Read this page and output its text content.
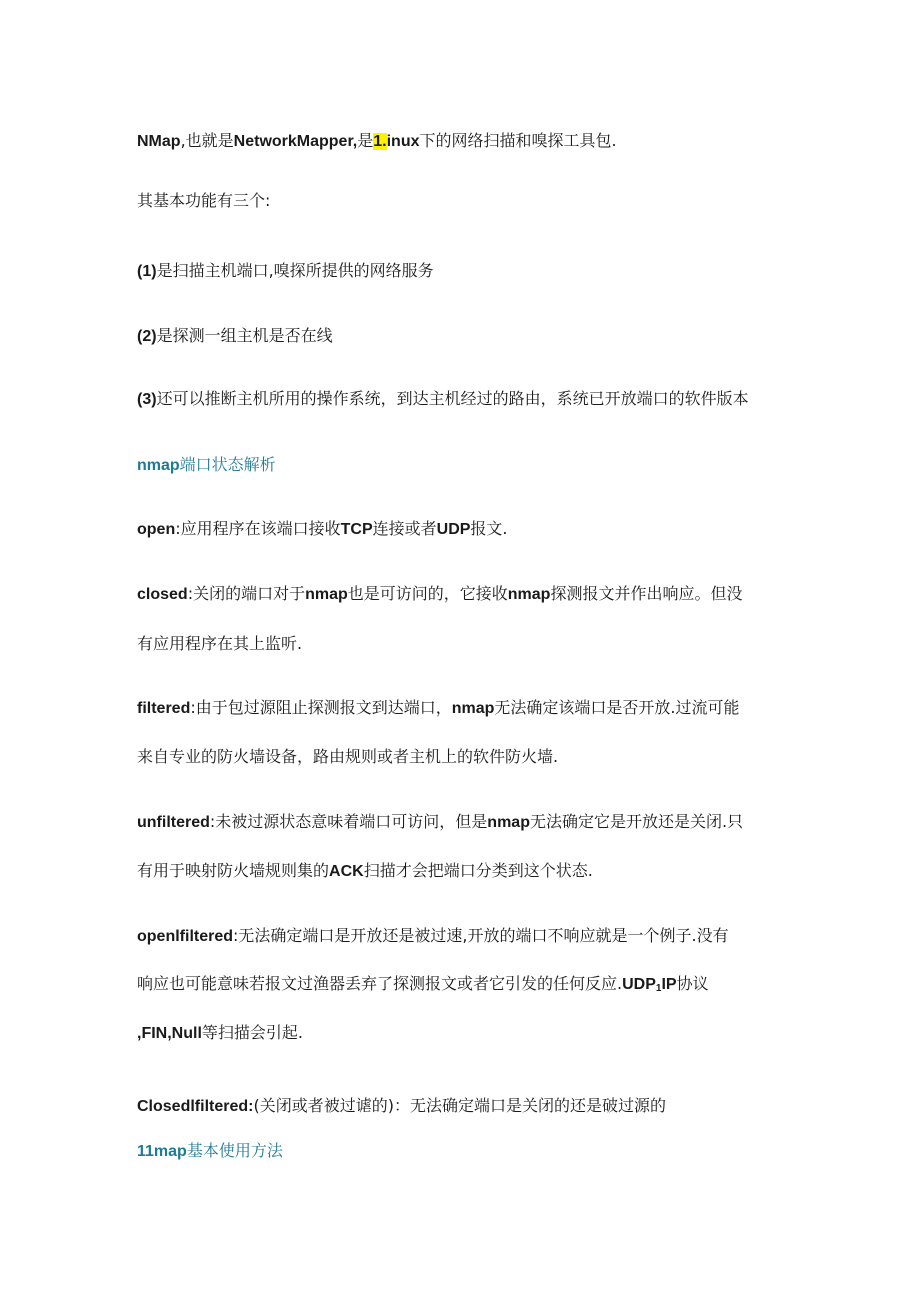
NMap,也就是NetworkMapper,是1.inux下的网络扫描和嗅探工具包.
其基本功能有三个:
(1)是扫描主机端口,嗅探所提供的网络服务
(2)是探测一组主机是否在线
(3)还可以推断主机所用的操作系统，到达主机经过的路由，系统已开放端口的软件版本
nmap端口状态解析
open:应用程序在该端口接收TCP连接或者UDP报文.
closed:关闭的端口对于nmap也是可访问的，它接收nmap探测报文并作出响应。但没
有应用程序在其上监听.
filtered:由于包过源阻止探测报文到达端口，nmap无法确定该端口是否开放.过流可能
来自专业的防火墙设备，路由规则或者主机上的软件防火墙.
unfiltered:未被过源状态意味着端口可访问，但是nmap无法确定它是开放还是关闭.只
有用于映射防火墙规则集的ACK扫描才会把端口分类到这个状态.
openlfiltered:无法确定端口是开放还是被过速,开放的端口不响应就是一个例子.没有
响应也可能意味若报文过渔器丢弃了探测报文或者它引发的任何反应$.UDP_1IP$协议
,FIN,Null等扫描会引起.
Closedlfiltered:(关闭或者被过谑的)：无法确定端口是关闭的还是破过源的
11map基本使用方法
